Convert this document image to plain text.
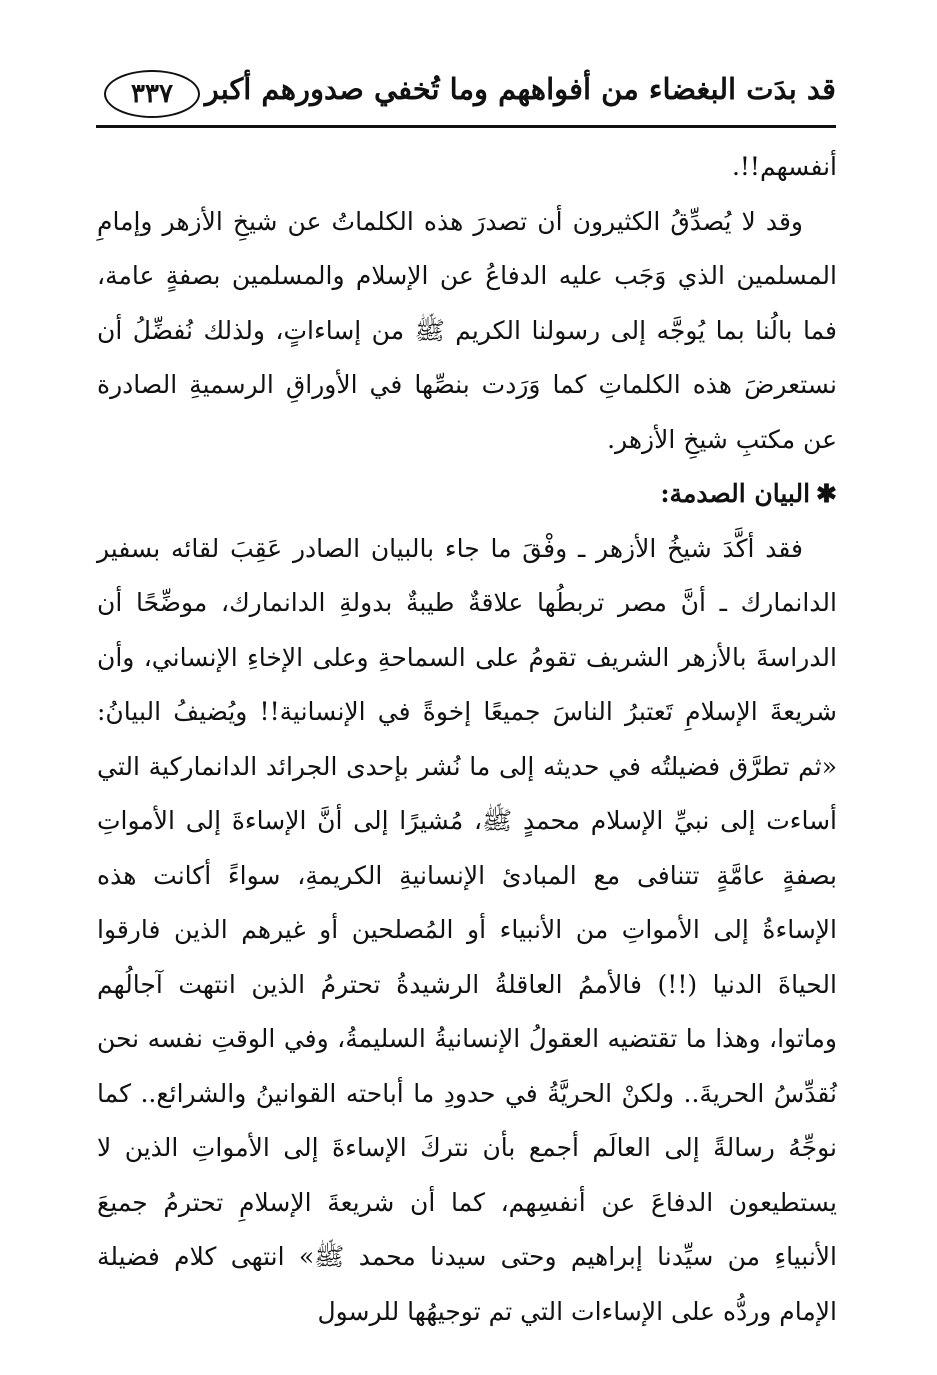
قد بدَت البغضاء من أفواههم وما تُخفي صدورهم أكبر
٣٣٧

أنفسهم!!.

وقد لا يُصدِّقُ الكثيرون أن تصدرَ هذه الكلماتُ عن شيخِ الأزهر وإمامِ المسلمين الذي وَجَب عليه الدفاعُ عن الإسلام والمسلمين بصفةٍ عامة، فما بالُنا بما يُوجَّه إلى رسولنا الكريم ﷺ من إساءاتٍ، ولذلك نُفضِّلُ أن نستعرضَ هذه الكلماتِ كما وَرَدت بنصِّها في الأوراقِ الرسميةِ الصادرة عن مكتبِ شيخِ الأزهر.

✱البيان الصدمة:

فقد أكَّدَ شيخُ الأزهر ـ وفْقَ ما جاء بالبيان الصادر عَقِبَ لقائه بسفير الدانمارك ـ أنَّ مصر تربطُها علاقةٌ طيبةٌ بدولةِ الدانمارك، موضِّحًا أن الدراسةَ بالأزهر الشريف تقومُ على السماحةِ وعلى الإخاءِ الإنساني، وأن شريعةَ الإسلامِ تَعتبرُ الناسَ جميعًا إخوةً في الإنسانية!! ويُضيفُ البيانُ: «ثم تطرَّق فضيلتُه في حديثه إلى ما نُشر بإحدى الجرائد الدانماركية التي أساءت إلى نبيِّ الإسلام محمدٍ ﷺ، مُشيرًا إلى أنَّ الإساءةَ إلى الأمواتِ بصفةٍ عامَّةٍ تتنافى مع المبادئ الإنسانيةِ الكريمةِ، سواءً أكانت هذه الإساءةُ إلى الأمواتِ من الأنبياء أو المُصلحين أو غيرهم الذين فارقوا الحياةَ الدنيا (!!) فالأممُ العاقلةُ الرشيدةُ تحترمُ الذين انتهت آجالُهم وماتوا، وهذا ما تقتضيه العقولُ الإنسانيةُ السليمةُ، وفي الوقتِ نفسه نحن نُقدِّسُ الحريةَ.. ولكنْ الحريَّةُ في حدودِ ما أباحته القوانينُ والشرائع.. كما نوجِّهُ رسالةً إلى العالَم أجمع بأن نتركَ الإساءةَ إلى الأمواتِ الذين لا يستطيعون الدفاعَ عن أنفسِهم، كما أن شريعةَ الإسلامِ تحترمُ جميعَ الأنبياءِ من سيِّدنا إبراهيم وحتى سيدنا محمد ﷺ» انتهى كلام فضيلة الإمام وردُّه على الإساءات التي تم توجيهُها للرسول
